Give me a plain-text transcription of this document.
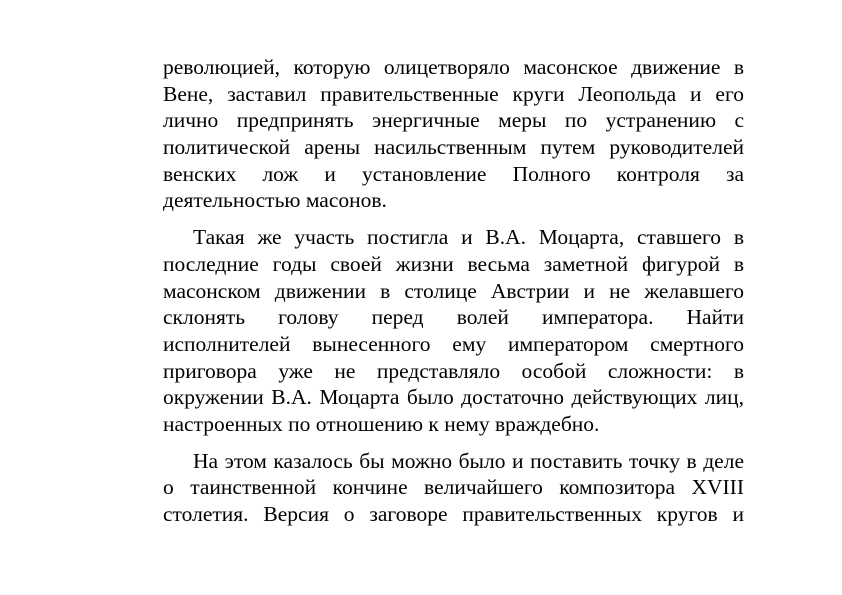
революцией, которую олицетворяло масонское движение в
Вене, заставил правительственные круги Леопольда и его
лично предпринять энергичные меры по устранению с
политической арены насильственным путем руководителей
венских лож и установление Полного контроля за
деятельностью масонов.
Такая же участь постигла и В.А. Моцарта, ставшего в
последние годы своей жизни весьма заметной фигурой в
масонском движении в столице Австрии и не желавшего
склонять голову перед волей императора. Найти
исполнителей вынесенного ему императором смертного
приговора уже не представляло особой сложности: в
окружении В.А. Моцарта было достаточно действующих лиц,
настроенных по отношению к нему враждебно.
На этом казалось бы можно было и поставить точку в деле
о таинственной кончине величайшего композитора XVIII
столетия. Версия о заговоре правительственных кругов и
